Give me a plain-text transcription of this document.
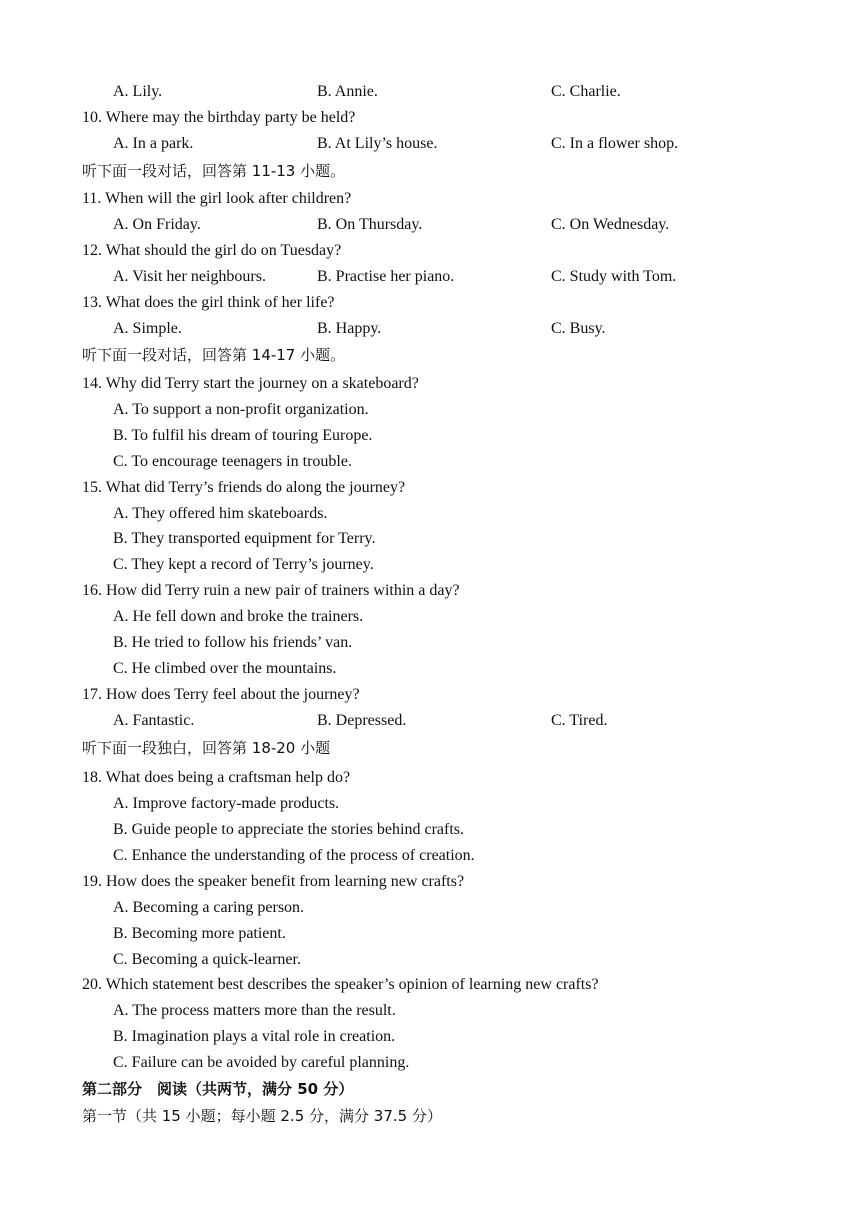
A. Lily.	B. Annie.	C. Charlie.
10. Where may the birthday party be held?
A. In a park.	B. At Lily’s house.	C. In a flower shop.
听下面一段对话，回答第 11-13 小题。
11. When will the girl look after children?
A. On Friday.	B. On Thursday.	C. On Wednesday.
12. What should the girl do on Tuesday?
A. Visit her neighbours.	B. Practise her piano.	C. Study with Tom.
13. What does the girl think of her life?
A. Simple.	B. Happy.	C. Busy.
听下面一段对话，回答第 14-17 小题。
14. Why did Terry start the journey on a skateboard?
A. To support a non-profit organization.
B. To fulfil his dream of touring Europe.
C. To encourage teenagers in trouble.
15. What did Terry’s friends do along the journey?
A. They offered him skateboards.
B. They transported equipment for Terry.
C. They kept a record of Terry’s journey.
16. How did Terry ruin a new pair of trainers within a day?
A. He fell down and broke the trainers.
B. He tried to follow his friends’ van.
C. He climbed over the mountains.
17. How does Terry feel about the journey?
A. Fantastic.	B. Depressed.	C. Tired.
听下面一段独白，回答第 18-20 小题
18. What does being a craftsman help do?
A. Improve factory-made products.
B. Guide people to appreciate the stories behind crafts.
C. Enhance the understanding of the process of creation.
19. How does the speaker benefit from learning new crafts?
A. Becoming a caring person.
B. Becoming more patient.
C. Becoming a quick-learner.
20. Which statement best describes the speaker’s opinion of learning new crafts?
A. The process matters more than the result.
B. Imagination plays a vital role in creation.
C. Failure can be avoided by careful planning.
第二部分　阅读（共两节，满分 50 分）
第一节（共 15 小题；每小题 2.5 分，满分 37.5 分）
